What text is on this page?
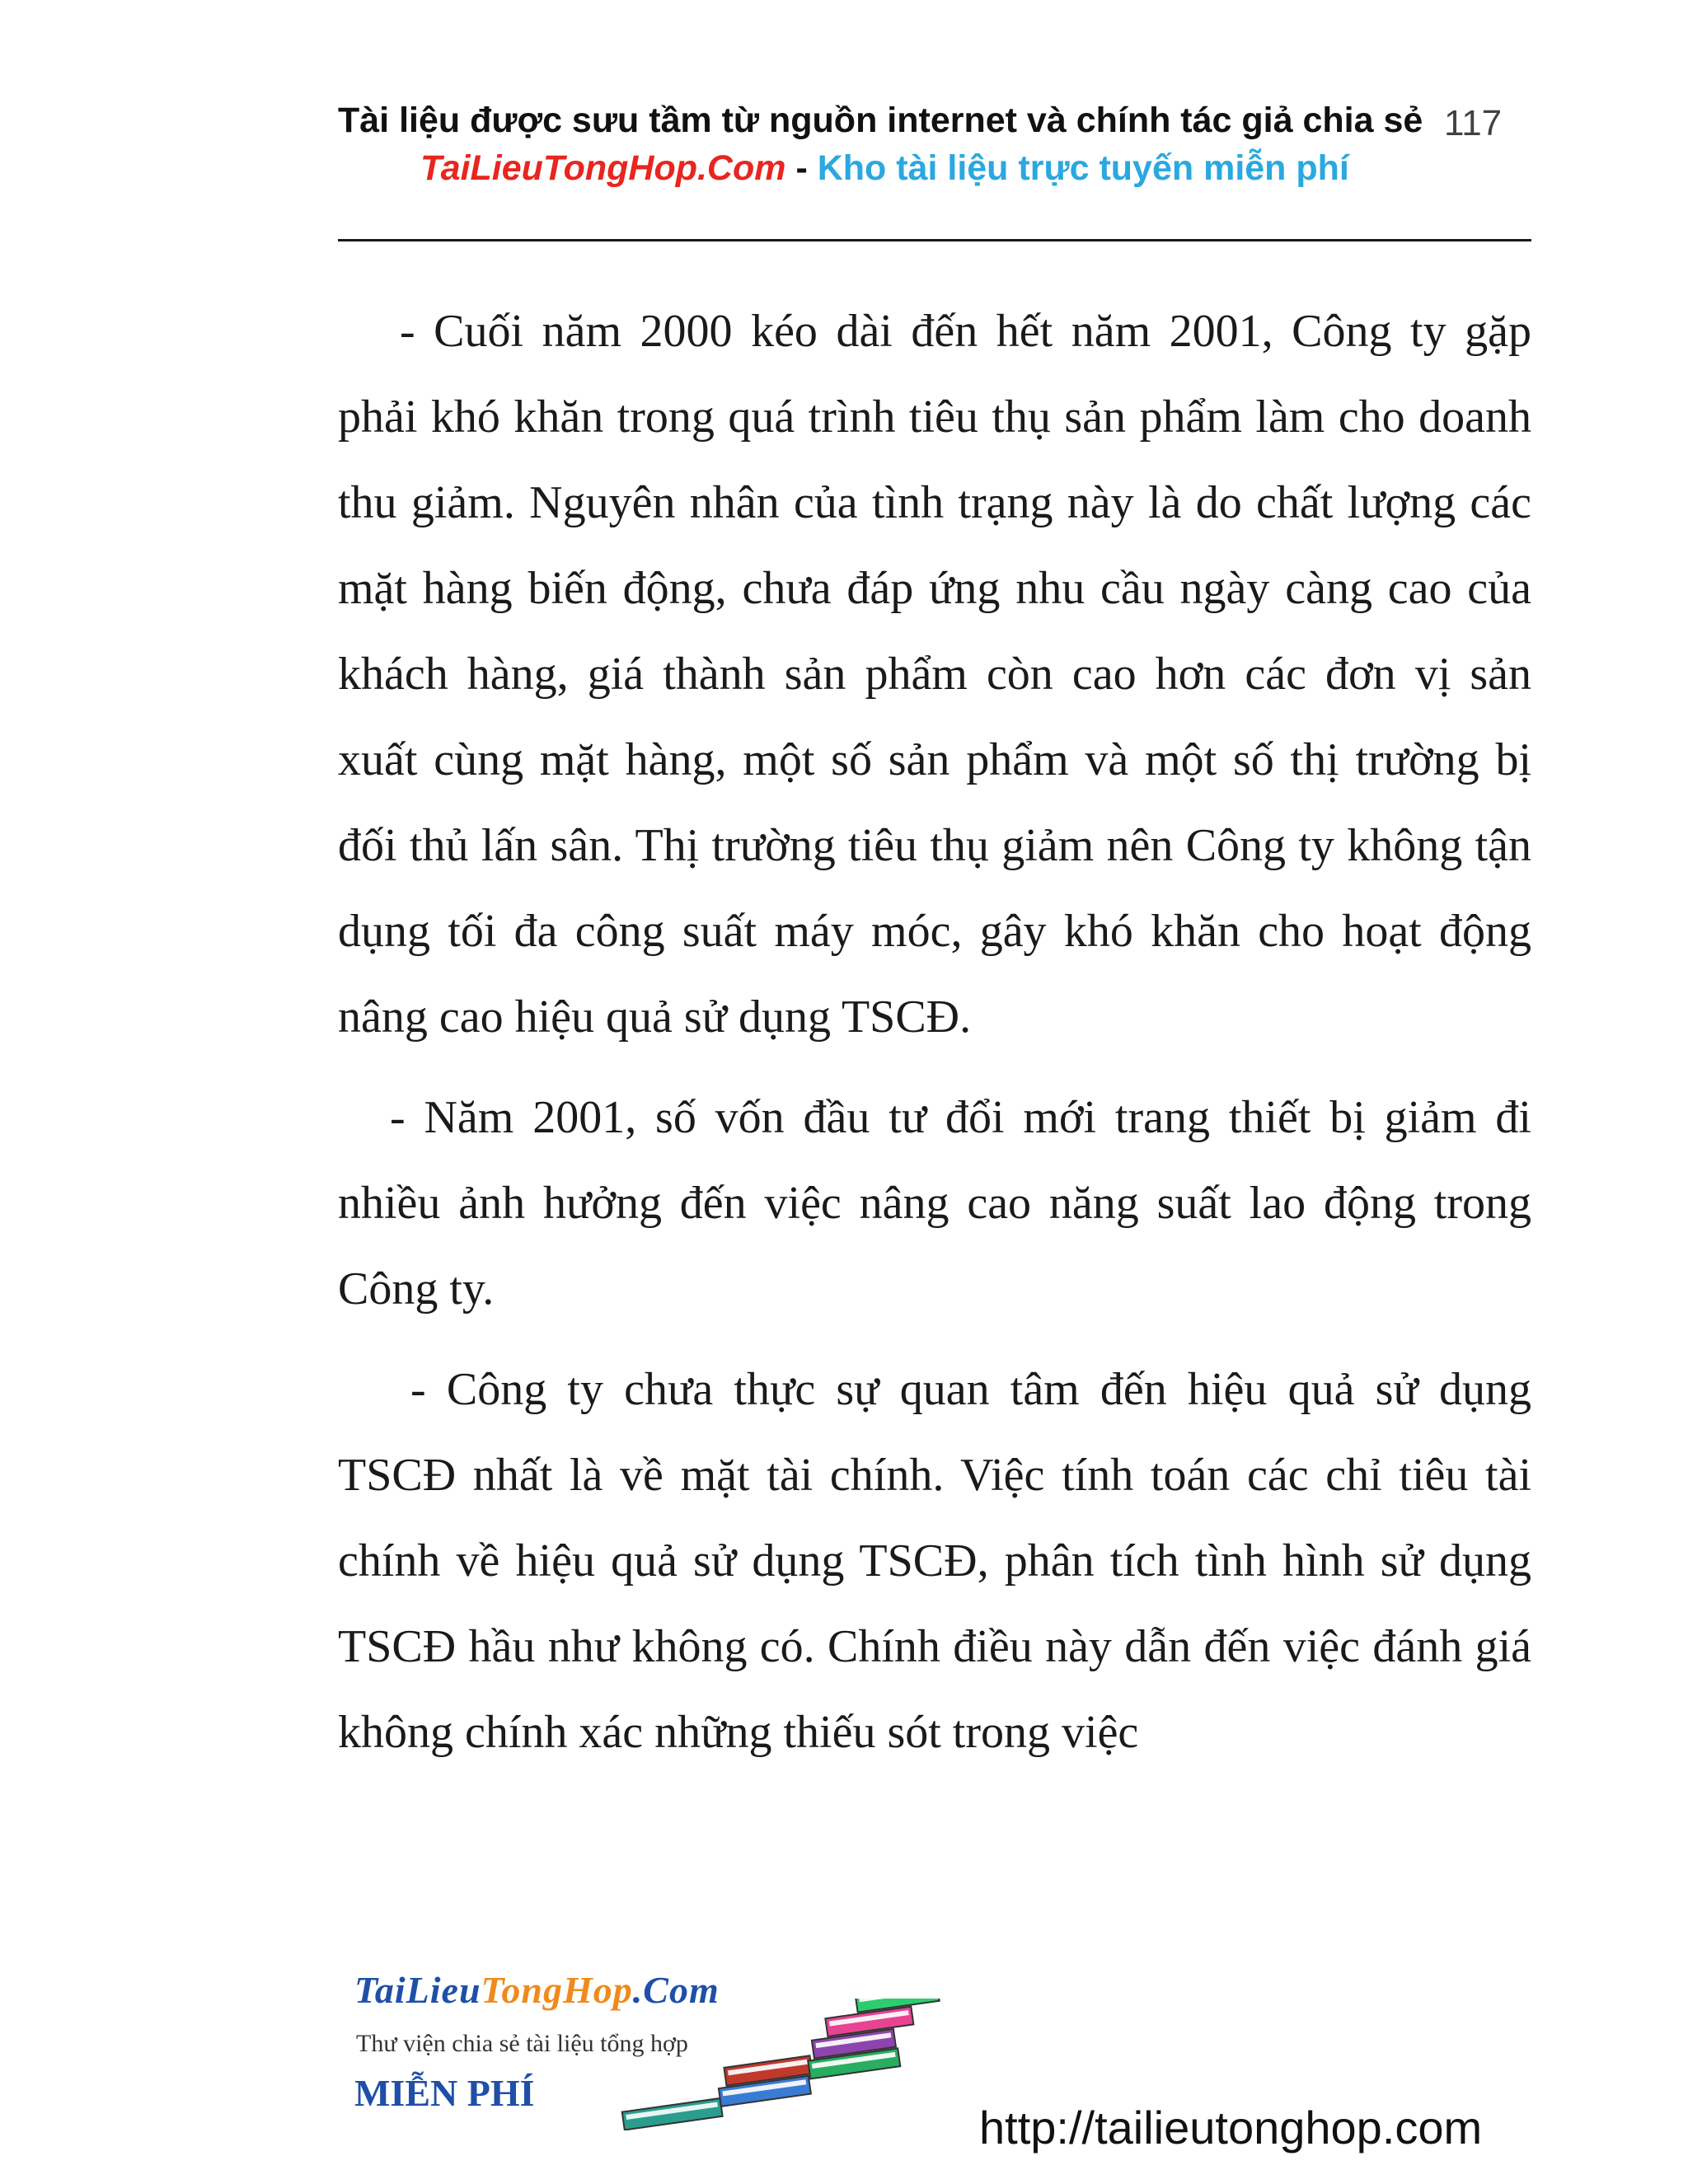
Tài liệu được sưu tầm từ nguồn internet và chính tác giả chia sẻ 117
TaiLieuTongHop.Com - Kho tài liệu trực tuyến miễn phí

- Cuối năm 2000 kéo dài đến hết năm 2001, Công ty gặp phải khó khăn trong quá trình tiêu thụ sản phẩm làm cho doanh thu giảm. Nguyên nhân của tình trạng này là do chất lượng các mặt hàng biến động, chưa đáp ứng nhu cầu ngày càng cao của khách hàng, giá thành sản phẩm còn cao hơn các đơn vị sản xuất cùng mặt hàng, một số sản phẩm và một số thị trường bị đối thủ lấn sân. Thị trường tiêu thụ giảm nên Công ty không tận dụng tối đa công suất máy móc, gây khó khăn cho hoạt động nâng cao hiệu quả sử dụng TSCĐ.

- Năm 2001, số vốn đầu tư đổi mới trang thiết bị giảm đi nhiều ảnh hưởng đến việc nâng cao năng suất lao động trong Công ty.

- Công ty chưa thực sự quan tâm đến hiệu quả sử dụng TSCĐ nhất là về mặt tài chính. Việc tính toán các chỉ tiêu tài chính về hiệu quả sử dụng TSCĐ, phân tích tình hình sử dụng TSCĐ hầu như không có. Chính điều này dẫn đến việc đánh giá không chính xác những thiếu sót trong việc

TaiLieuTongHop.Com
Thư viện chia sẻ tài liệu tổng hợp
MIỄN PHÍ
http://tailieutonghop.com
